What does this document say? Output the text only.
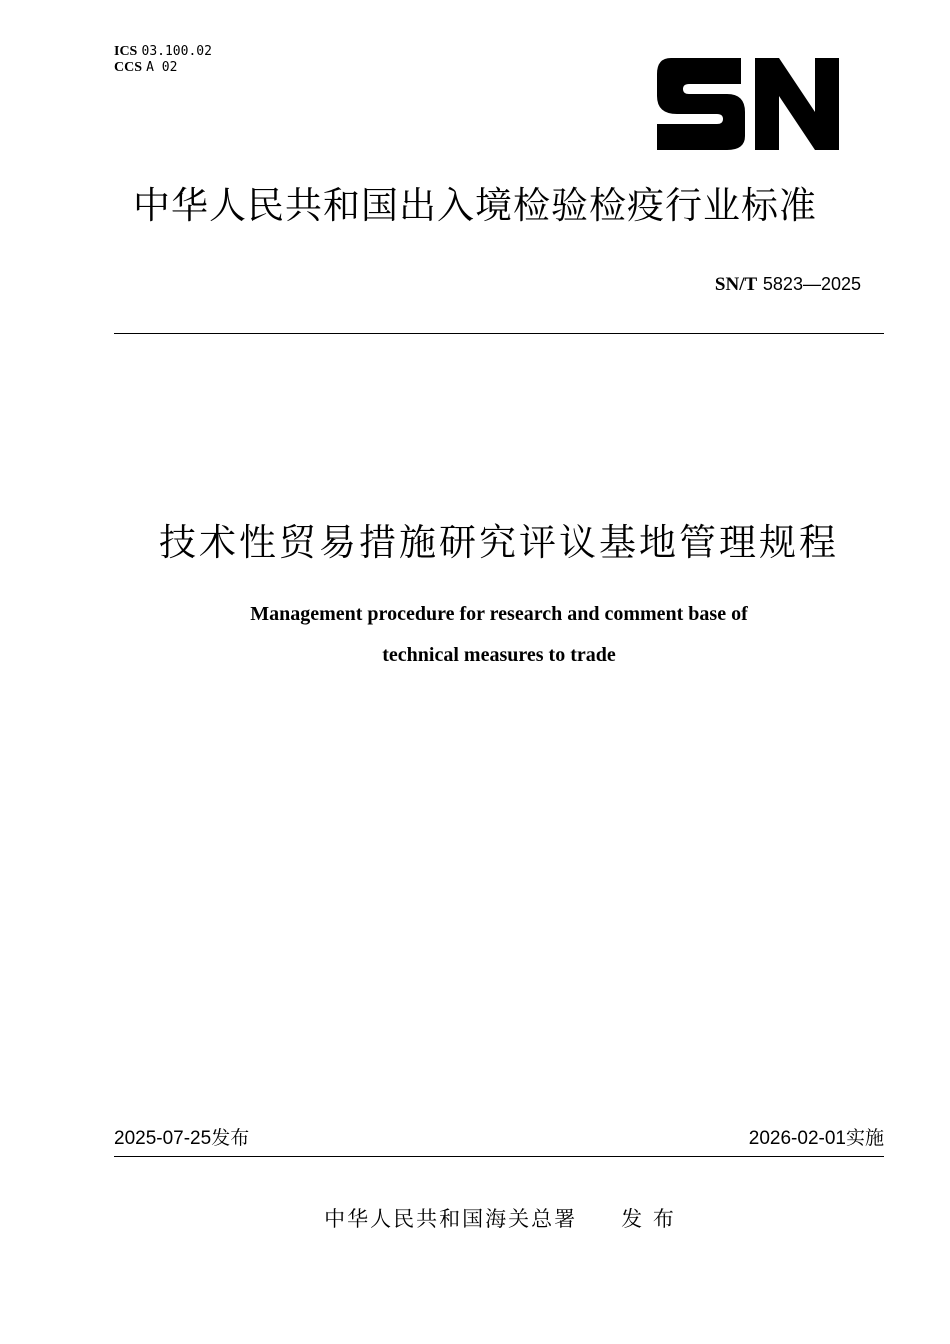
ICS 03.100.02
CCS A 02
中华人民共和国出入境检验检疫行业标准
SN/T 5823—2025
技术性贸易措施研究评议基地管理规程
Management procedure for research and comment base of
technical measures to trade
2025-07-25发布	2026-02-01实施
中华人民共和国海关总署 发 布
